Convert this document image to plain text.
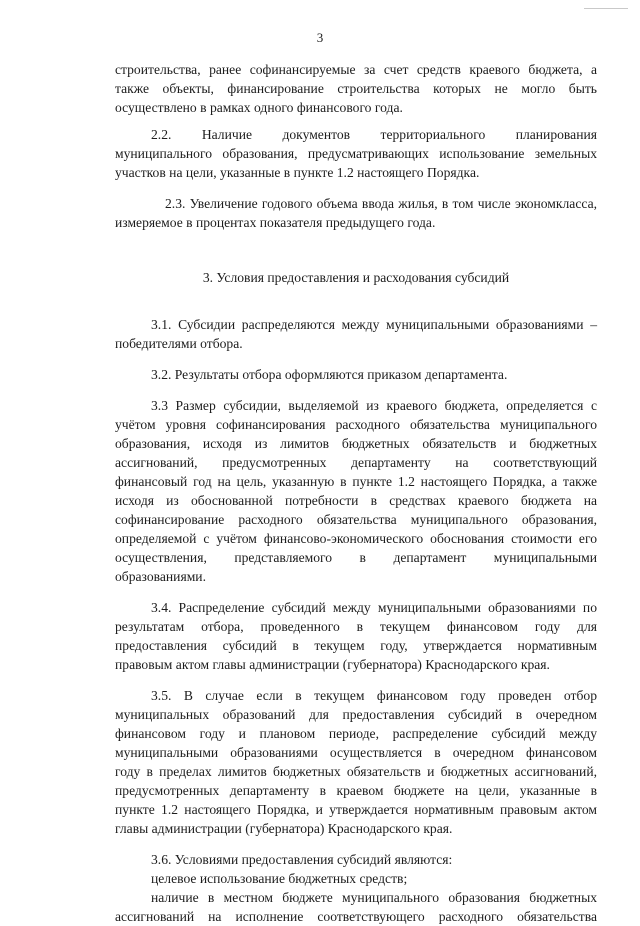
3

строительства, ранее софинансируемые за счет средств краевого бюджета, а

также объекты, финансирование строительства которых не могло быть

осуществлено в рамках одного финансового года.

2.2. Наличие документов территориального планирования

муниципального образования, предусматривающих использование земельных

участков на цели, указанные в пункте 1.2 настоящего Порядка.

2.3. Увеличение годового объема ввода жилья, в том числе экономкласса,

измеряемое в процентах показателя предыдущего года.

3. Условия предоставления и расходования субсидий

3.1. Субсидии распределяются между муниципальными образованиями –

победителями отбора.

3.2. Результаты отбора оформляются приказом департамента.

3.3 Размер субсидии, выделяемой из краевого бюджета, определяется с

учётом уровня софинансирования расходного обязательства муниципального

образования, исходя из лимитов бюджетных обязательств и бюджетных

ассигнований, предусмотренных департаменту на соответствующий

финансовый год на цель, указанную в пункте 1.2 настоящего Порядка, а также

исходя из обоснованной потребности в средствах краевого бюджета на

софинансирование расходного обязательства муниципального образования,

определяемой с учётом финансово-экономического обоснования стоимости его

осуществления, представляемого в департамент муниципальными

образованиями.

3.4. Распределение субсидий между муниципальными образованиями по

результатам отбора, проведенного в текущем финансовом году для

предоставления субсидий в текущем году, утверждается нормативным

правовым актом главы администрации (губернатора) Краснодарского края.

3.5. В случае если в текущем финансовом году проведен отбор

муниципальных образований для предоставления субсидий в очередном

финансовом году и плановом периоде, распределение субсидий между

муниципальными образованиями осуществляется в очередном финансовом

году в пределах лимитов бюджетных обязательств и бюджетных ассигнований,

предусмотренных департаменту в краевом бюджете на цели, указанные в

пункте 1.2 настоящего Порядка, и утверждается нормативным правовым актом

главы администрации (губернатора) Краснодарского края.

3.6. Условиями предоставления субсидий являются:

целевое использование бюджетных средств;

наличие в местном бюджете муниципального образования бюджетных

ассигнований на исполнение соответствующего расходного обязательства
